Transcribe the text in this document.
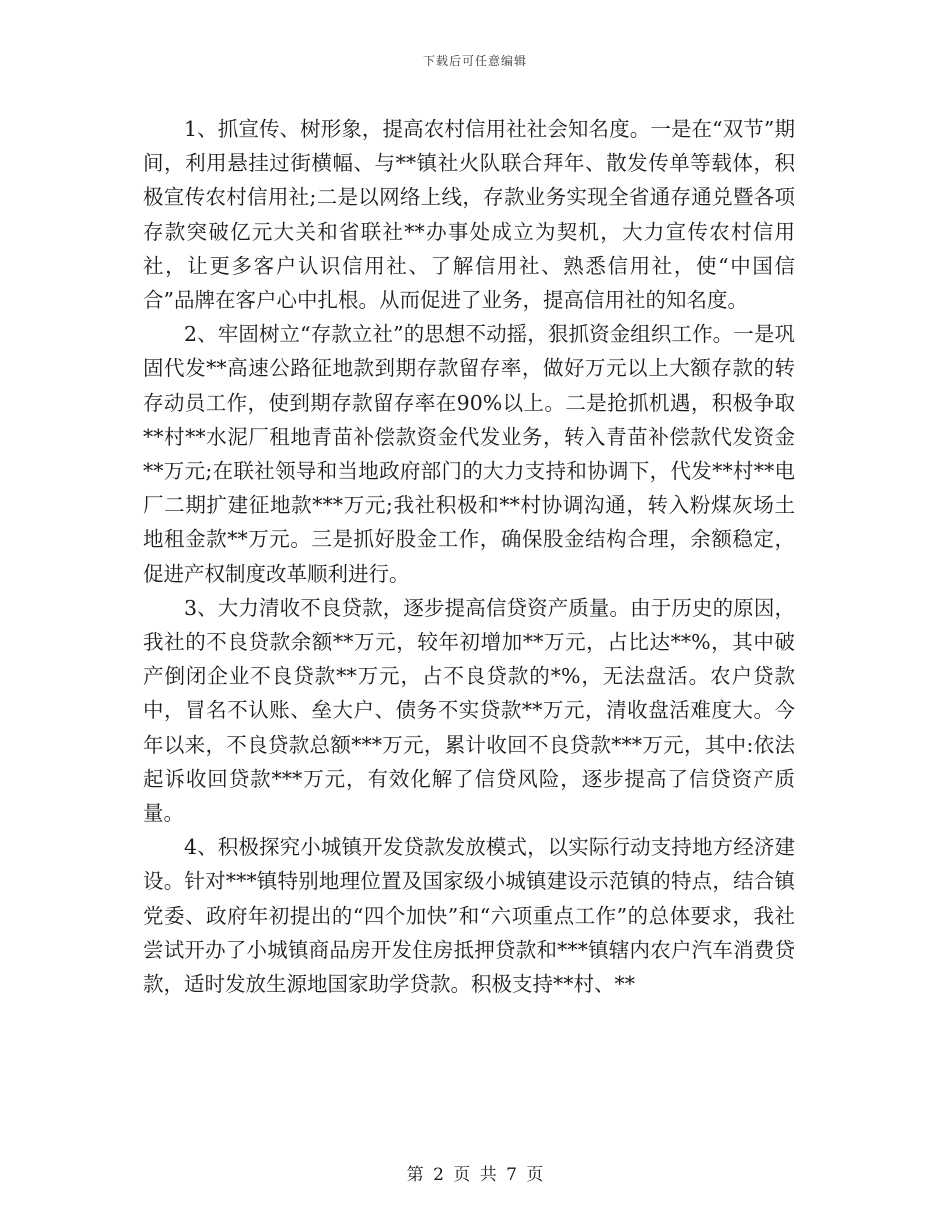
下载后可任意编辑

1、抓宣传、树形象，提高农村信用社社会知名度。一是在“双节”期间，利用悬挂过街横幅、与**镇社火队联合拜年、散发传单等载体，积极宣传农村信用社;二是以网络上线，存款业务实现全省通存通兑暨各项存款突破亿元大关和省联社**办事处成立为契机，大力宣传农村信用社，让更多客户认识信用社、了解信用社、熟悉信用社，使“中国信合”品牌在客户心中扎根。从而促进了业务，提高信用社的知名度。

2、牢固树立“存款立社”的思想不动摇，狠抓资金组织工作。一是巩固代发**高速公路征地款到期存款留存率，做好万元以上大额存款的转存动员工作，使到期存款留存率在90%以上。二是抢抓机遇，积极争取**村**水泥厂租地青苗补偿款资金代发业务，转入青苗补偿款代发资金**万元;在联社领导和当地政府部门的大力支持和协调下，代发**村**电厂二期扩建征地款***万元;我社积极和**村协调沟通，转入粉煤灰场土地租金款**万元。三是抓好股金工作，确保股金结构合理，余额稳定，促进产权制度改革顺利进行。

3、大力清收不良贷款，逐步提高信贷资产质量。由于历史的原因，我社的不良贷款余额**万元，较年初增加**万元，占比达**%，其中破产倒闭企业不良贷款**万元，占不良贷款的*%，无法盘活。农户贷款中，冒名不认账、垒大户、债务不实贷款**万元，清收盘活难度大。今年以来，不良贷款总额***万元，累计收回不良贷款***万元，其中:依法起诉收回贷款***万元，有效化解了信贷风险，逐步提高了信贷资产质量。

4、积极探究小城镇开发贷款发放模式，以实际行动支持地方经济建设。针对***镇特别地理位置及国家级小城镇建设示范镇的特点，结合镇党委、政府年初提出的“四个加快”和“六项重点工作”的总体要求，我社尝试开办了小城镇商品房开发住房抵押贷款和***镇辖内农户汽车消费贷款，适时发放生源地国家助学贷款。积极支持**村、**

第 2 页 共 7 页
